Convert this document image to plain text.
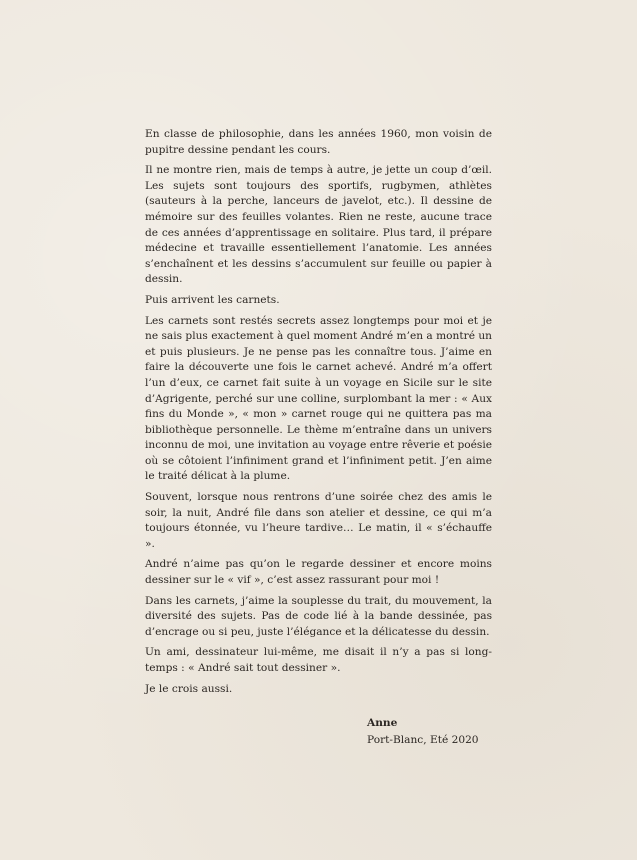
En classe de philosophie, dans les années 1960, mon voisin de pupitre dessine pendant les cours.

Il ne montre rien, mais de temps à autre, je jette un coup d’œil. Les sujets sont toujours des sportifs, rugbymen, athlètes (sauteurs à la perche, lanceurs de javelot, etc.). Il dessine de mémoire sur des feuilles volantes. Rien ne reste, aucune trace de ces années d’apprentissage en solitaire. Plus tard, il prépare médecine et travaille essentiellement l’anatomie. Les années s’enchaînent et les dessins s’accumulent sur feuille ou papier à dessin.

Puis arrivent les carnets.

Les carnets sont restés secrets assez longtemps pour moi et je ne sais plus exactement à quel moment André m’en a montré un et puis plusieurs. Je ne pense pas les connaître tous. J’aime en faire la découverte une fois le carnet achevé. André m’a offert l’un d’eux, ce carnet fait suite à un voyage en Sicile sur le site d’Agrigente, perché sur une colline, surplombant la mer : « Aux fins du Monde », « mon » carnet rouge qui ne quittera pas ma bibliothèque personnelle. Le thème m’entraîne dans un univers inconnu de moi, une invitation au voyage entre rêverie et poésie où se côtoient l’infiniment grand et l’infiniment petit. J’en aime le traité délicat à la plume.

Souvent, lorsque nous rentrons d’une soirée chez des amis le soir, la nuit, André file dans son atelier et dessine, ce qui m’a toujours étonnée, vu l’heure tardive… Le matin, il « s’échauffe ».

André n’aime pas qu’on le regarde dessiner et encore moins dessiner sur le « vif », c’est assez rassurant pour moi !

Dans les carnets, j’aime la souplesse du trait, du mouvement, la diversité des sujets. Pas de code lié à la bande dessinée, pas d’encrage ou si peu, juste l’élégance et la délicatesse du dessin.

Un ami, dessinateur lui-même, me disait il n’y a pas si long-temps : « André sait tout dessiner ».

Je le crois aussi.

Anne
Port-Blanc, Eté 2020
